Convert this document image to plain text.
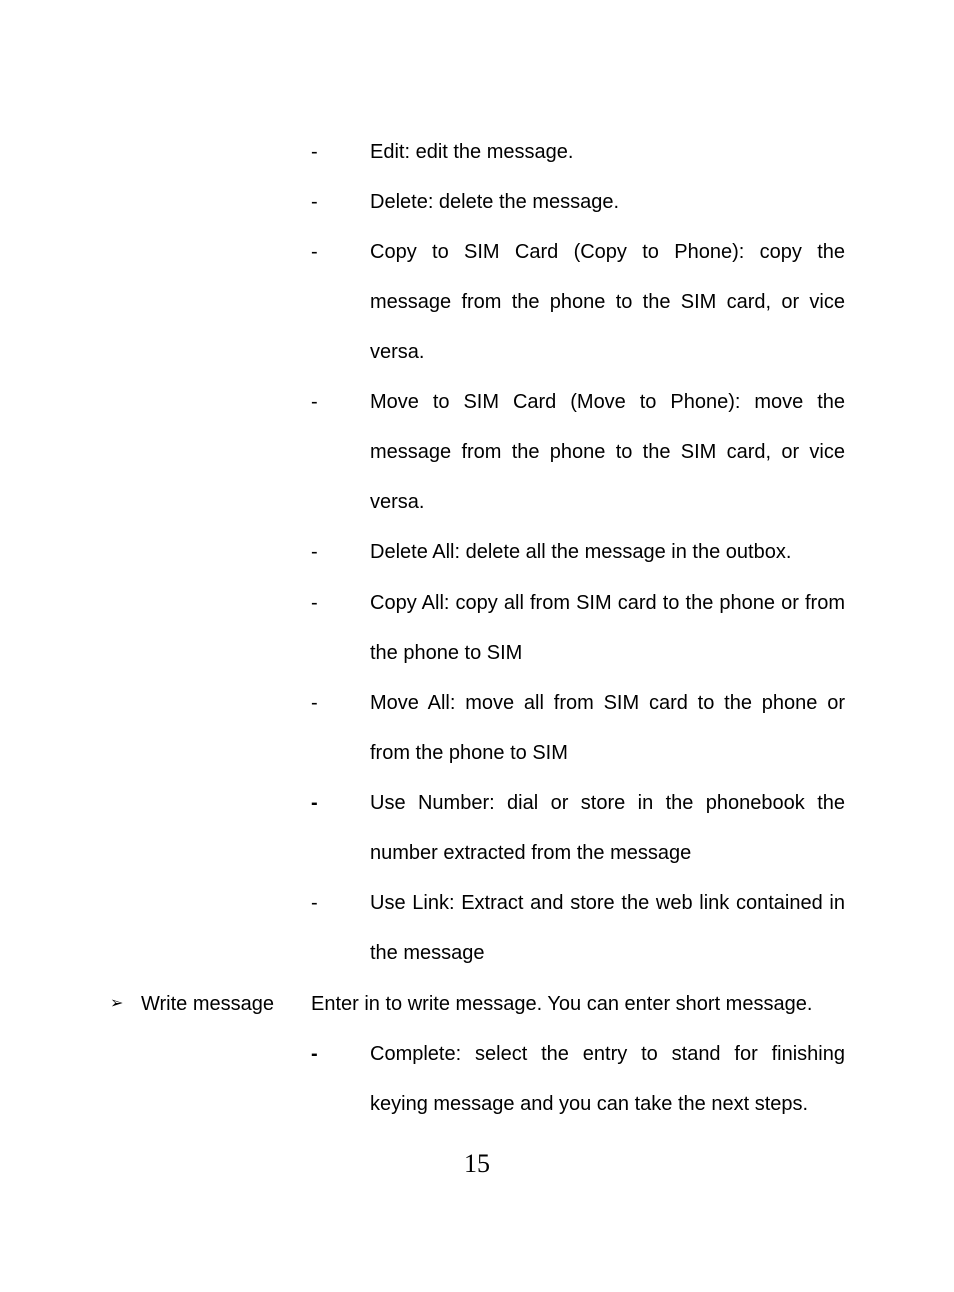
-	Edit: edit the message.
-	Delete: delete the message.
-	Copy to SIM Card (Copy to Phone): copy the message from the phone to the SIM card, or vice versa.
-	Move to SIM Card (Move to Phone): move the message from the phone to the SIM card, or vice versa.
-	Delete All: delete all the message in the outbox.
-	Copy All: copy all from SIM card to the phone or from the phone to SIM
-	Move All: move all from SIM card to the phone or from the phone to SIM
-	Use Number: dial or store in the phonebook the number extracted from the message
-	Use Link: Extract and store the web link contained in the message
➢ Write message Enter in to write message. You can enter short message.
-	Complete: select the entry to stand for finishing keying message and you can take the next steps.
15
